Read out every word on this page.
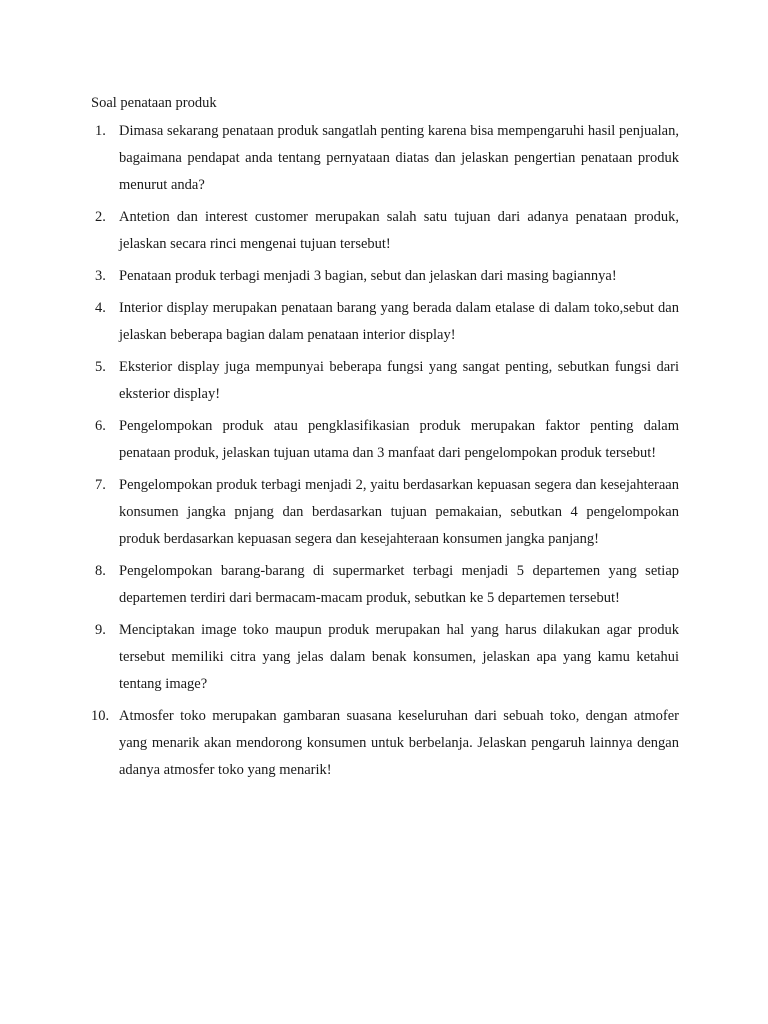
Soal penataan produk
1. Dimasa sekarang penataan produk sangatlah penting karena bisa mempengaruhi hasil penjualan, bagaimana pendapat anda tentang pernyataan diatas dan jelaskan pengertian penataan produk menurut anda?
2. Antetion dan interest customer merupakan salah satu tujuan dari adanya penataan produk, jelaskan secara rinci mengenai tujuan tersebut!
3. Penataan produk terbagi menjadi 3 bagian, sebut dan jelaskan dari masing bagiannya!
4. Interior display merupakan penataan barang yang berada dalam etalase di dalam toko,sebut dan jelaskan beberapa bagian dalam penataan interior display!
5. Eksterior display juga mempunyai beberapa fungsi yang sangat penting, sebutkan fungsi dari eksterior display!
6. Pengelompokan produk atau pengklasifikasian produk merupakan faktor penting dalam penataan produk, jelaskan tujuan utama dan 3 manfaat dari pengelompokan produk tersebut!
7. Pengelompokan produk terbagi menjadi 2, yaitu berdasarkan kepuasan segera dan kesejahteraan konsumen jangka pnjang dan berdasarkan tujuan pemakaian, sebutkan 4 pengelompokan produk berdasarkan kepuasan segera dan kesejahteraan konsumen jangka panjang!
8. Pengelompokan barang-barang di supermarket terbagi menjadi 5 departemen yang setiap departemen terdiri dari bermacam-macam produk, sebutkan ke 5 departemen tersebut!
9. Menciptakan image toko maupun produk merupakan hal yang harus dilakukan agar produk tersebut memiliki citra yang jelas dalam benak konsumen, jelaskan apa yang kamu ketahui tentang image?
10. Atmosfer toko merupakan gambaran suasana keseluruhan dari sebuah toko, dengan atmofer yang menarik akan mendorong konsumen untuk berbelanja. Jelaskan pengaruh lainnya dengan adanya atmosfer toko yang menarik!
